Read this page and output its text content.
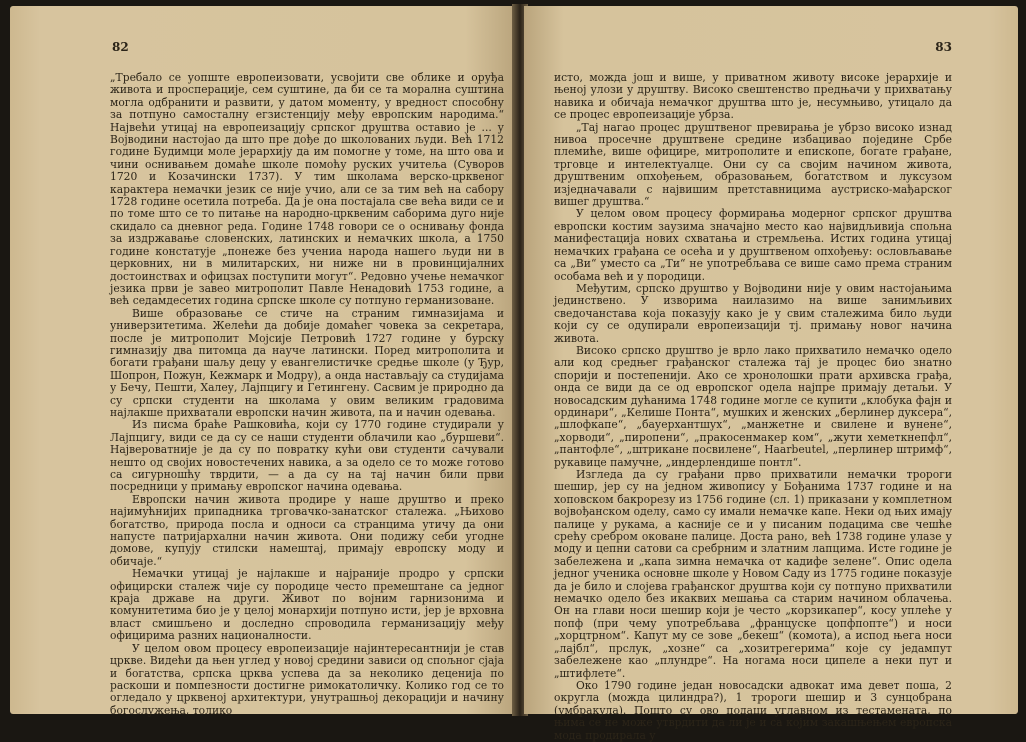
82

„Требало се уопште европеизовати, усвојити све облике и оруђа живота и просперације, сем суштине, да би се та морална суштина могла одбранити и развити, у датом моменту, у вредност способну за потпуно самосталну егзистенцију међу европским народима.“ Највећи утицај на европеизацију српског друштва оставио је ... у Војводини настојао да што пре дође до школованих људи. Већ 1712 године Будимци моле јерархију да им помогне у томе, на што ова и чини оснивањем домаће школе помоћу руских учитеља (Суворов 1720 и Козачински 1737). У тим школама верско-црквеног карактера немачки језик се није учио, али се за тим већ на сабору 1728 године осетила потреба. Да је она постајала све већа види се и по томе што се то питање на народно-црквеним саборима дуго није скидало са дневног реда. Године 1748 говори се о оснивању фонда за издржавање словенских, латинских и немачких школа, а 1750 године констатује „понеже без учениа народа нашего људи ни в церковних, ни в милитарских, ни ниже ни в провинцијалних достоинствах и офицзах поступити могут“. Редовно учење немачког језика први је завео митрополит Павле Ненадовић 1753 године, а већ седамдесетих година српске школе су потпуно германизоване.

Више образовање се стиче на страним гимназијама и универзитетима. Желећи да добије домаћег човека за секретара, после је митрополит Мојсије Петровић 1727 године у бурску гимназију два питомца да науче латински. Поред митрополита и богати грађани шаљу децу у евангелистичке средње школе (у Ђур, Шопрон, Пожун, Кежмарк и Модру), а онда настављају са студијама у Бечу, Пешти, Халеу, Лајпцигу и Гетингену. Сасвим је природно да су српски студенти на школама у овим великим градовима најлакше прихватали европски начин живота, па и начин одевања.

Из писма браће Рашковића, који су 1770 године студирали у Лајпцигу, види се да су се наши студенти облачили као „буршеви“. Највероватније је да су по повратку кући ови студенти сачували нешто од својих новостечених навика, а за одело се то може готово са сигурношћу тврдити, — а да су на тај начин били први посредници у примању европског начина одевања.

Европски начин живота продире у наше друштво и преко најимућнијих припадника трговачко-занатског сталежа. „Њихово богатство, природа посла и односи са странцима утичу да они напусте патријархални начин живота. Они подижу себи угодне домове, купују стилски намештај, примају европску моду и обичаје.“

Немачки утицај је најлакше и најраније продро у српски официрски сталеж чије су породице често премештане са једног краја државе на други. Живот по војним гарнизонима и комунитетима био је у целој монархији потпуно исти, јер је врховна власт смишљено и доследно спроводила германизацију међу официрима разних националности.

У целом овом процесу европеизације најинтересантнији је став цркве. Видећи да њен углед у новој средини зависи од спољног сјаја и богатства, српска црква успева да за неколико деценија по раскоши и помпезности достигне римокатоличку. Колико год се то огледало у црквеној архитектури, унутрашњој декорацији и начину богослужења, толико

83

исто, можда још и више, у приватном животу високе јерархије и њеној улози у друштву. Високо свештенство предњачи у прихватању навика и обичаја немачког друштва што је, несумњиво, утицало да се процес европеизације убрза.

„Тај нагао процес друштвеног превирања је убрзо високо изнад нивоа просечне друштвене средине избацивао поједине Србе племиће, више официре, митрополите и епископе, богате грађане, трговце и интелектуалце. Они су са својим начином живота, друштвеним опхођењем, образовањем, богатством и луксузом изједначавали с највишим претставницима аустриско-мађарског вишег друштва.“

У целом овом процесу формирања модерног српског друштва европски костим заузима значајно место као највидљивија спољна манифестација нових схватања и стремљења. Истих година утицај немачких грађана се осећа и у друштвеном опхођењу: ословљавање са „Ви“ уместо са „Ти“ не употребљава се више само према страним особама већ и у породици.

Међутим, српско друштво у Војводини није у овим настојањима јединствено. У изворима наилазимо на више занимљивих сведочанстава која показују како је у свим сталежима било људи који су се одупирали европеизацији тј. примању новог начина живота.

Високо српско друштво је врло лако прихватило немачко одело али код средњег грађанског сталежа тај је процес био знатно спорији и постепенији. Ако се хронолошки прати архивска грађа, онда се види да се од европског одела најпре примају детаљи. У новосадским дућанима 1748 године могле се купити „клобука фајн и ординари“, „Келише Понта“, мушких и женских „берлинер дуксера“, „шлофкапе“, „бауерхантшух“, „манжетне и свилене и вунене“, „хорводи“, „пиропени“, „пракосенмакер ком“, „жути хеметкнепфл“, „пантофле“, „штрикане посвилене“, Haarbeutel, „перлинер штримф“, рукавице памучне, „индерлендише понтл“.

Изгледа да су грађани прво прихватили немачки тророги шешир, јер су на једном живопису у Бођанима 1737 године и на хоповском бакрорезу из 1756 године (сл. 1) приказани у комплетном војвођанском оделу, само су имали немачке капе. Неки од њих имају палице у рукама, а касније се и у писаним подацима све чешће срећу сребром оковане палице. Доста рано, већ 1738 године улазе у моду и цепни сатови са сребрним и златним лапцима. Исте године је забележена и „капа зимна немачка от кадифе зелене“. Опис одела једног ученика основне школе у Новом Саду из 1775 године показује да је било и слојева грађанског друштва који су потпуно прихватили немачко одело без икаквих мешања са старим начином облачења. Он на глави носи шешир који је често „корзикапер“, косу уплеће у попф (при чему употребљава „француске цопфпопте“) и носи „хорцтрном“. Капут му се зове „бекеш“ (комота), а испод њега носи „лајбл“, прслук, „хозне“ са „хозитрегерима“ које су једампут забележене као „плундре“. На ногама носи ципеле а неки пут и „штифлете“.

Око 1790 године један новосадски адвокат има девет поша, 2 округла (можда цилиндра?), 1 тророги шешир и 3 сунцобрана (умбракула). Пошто су ово подаци углавном из тестамената, по њима се не може утврдити да ли је и са којим закашњењем европска мода продирала у
